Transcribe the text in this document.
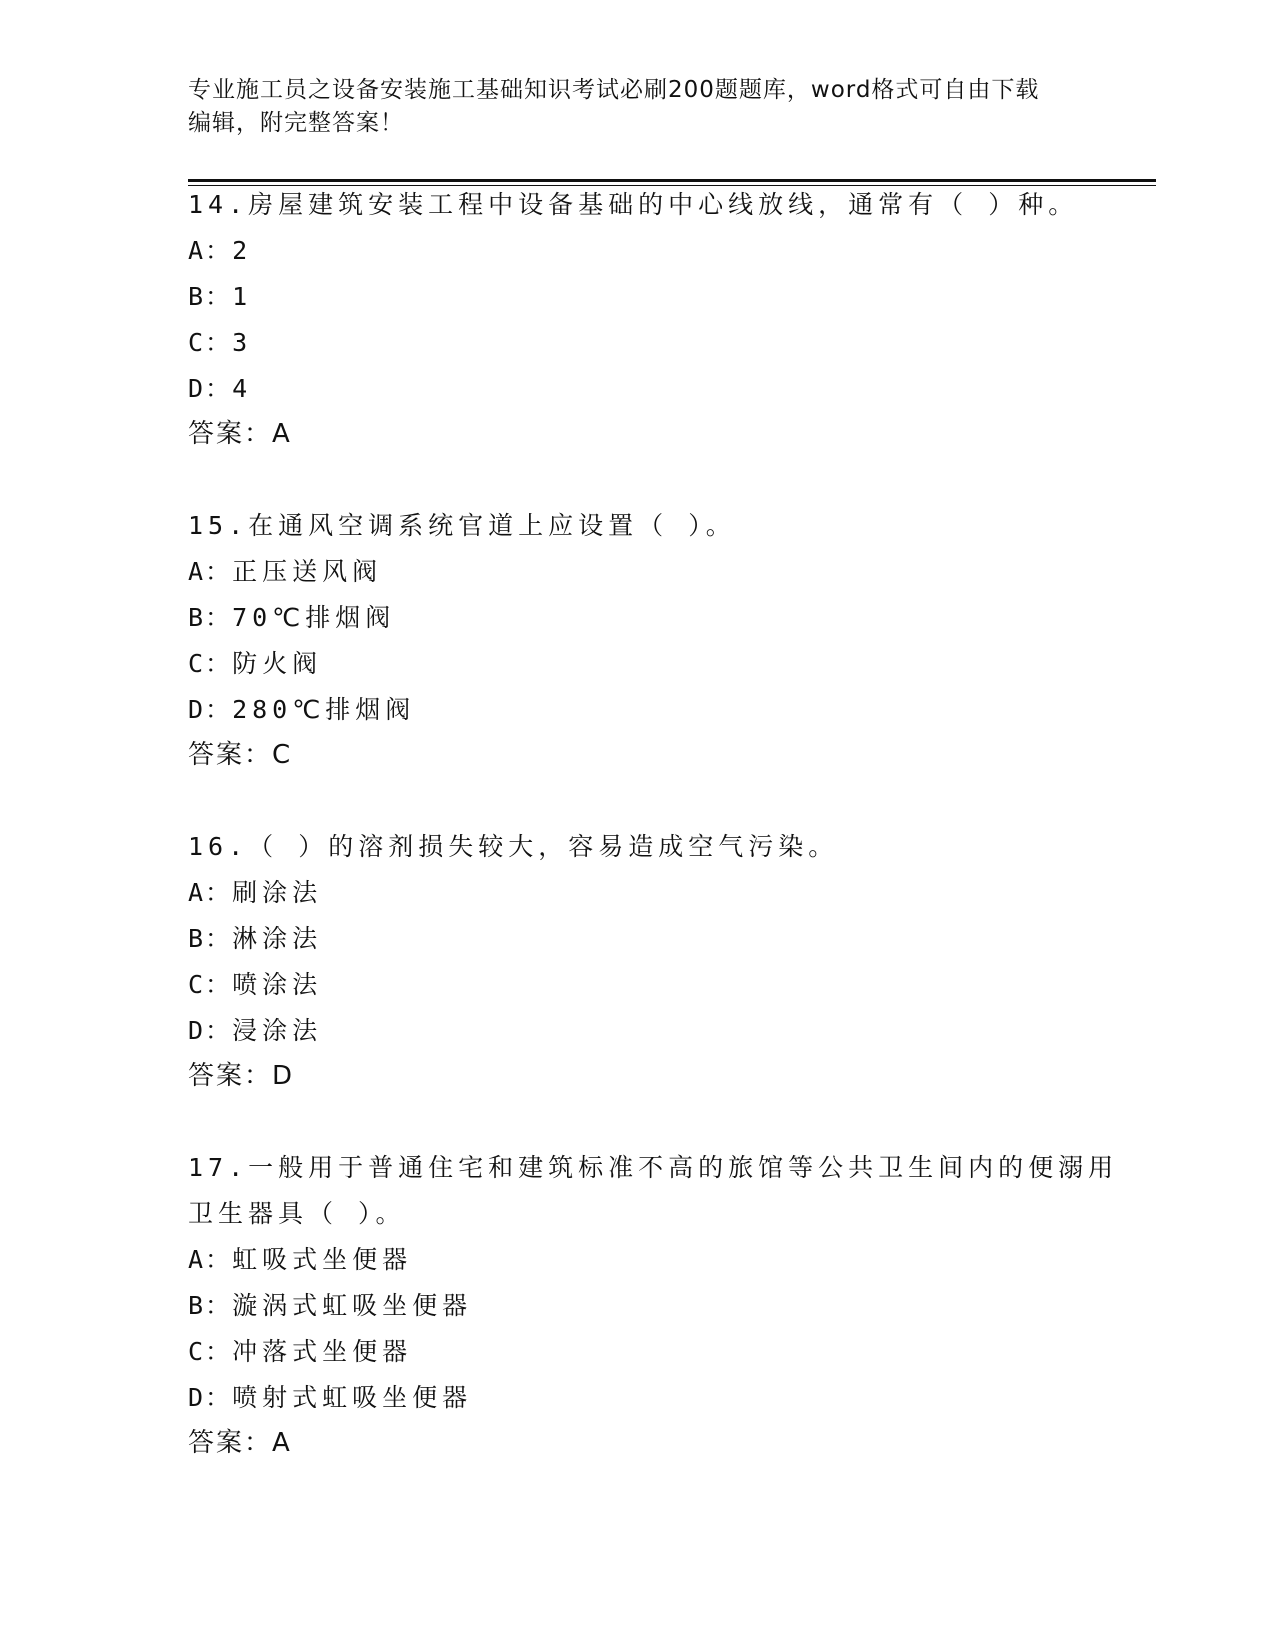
专业施工员之设备安装施工基础知识考试必刷200题题库，word格式可自由下载
编辑，附完整答案！
14.房屋建筑安装工程中设备基础的中心线放线，通常有（ ）种。
A：2
B：1
C：3
D：4
答案：A
15.在通风空调系统官道上应设置（ ）。
A：正压送风阀
B：70℃排烟阀
C：防火阀
D：280℃排烟阀
答案：C
16.（ ）的溶剂损失较大，容易造成空气污染。
A：刷涂法
B：淋涂法
C：喷涂法
D：浸涂法
答案：D
17.一般用于普通住宅和建筑标准不高的旅馆等公共卫生间内的便溺用
卫生器具（ ）。
A：虹吸式坐便器
B：漩涡式虹吸坐便器
C：冲落式坐便器
D：喷射式虹吸坐便器
答案：A
